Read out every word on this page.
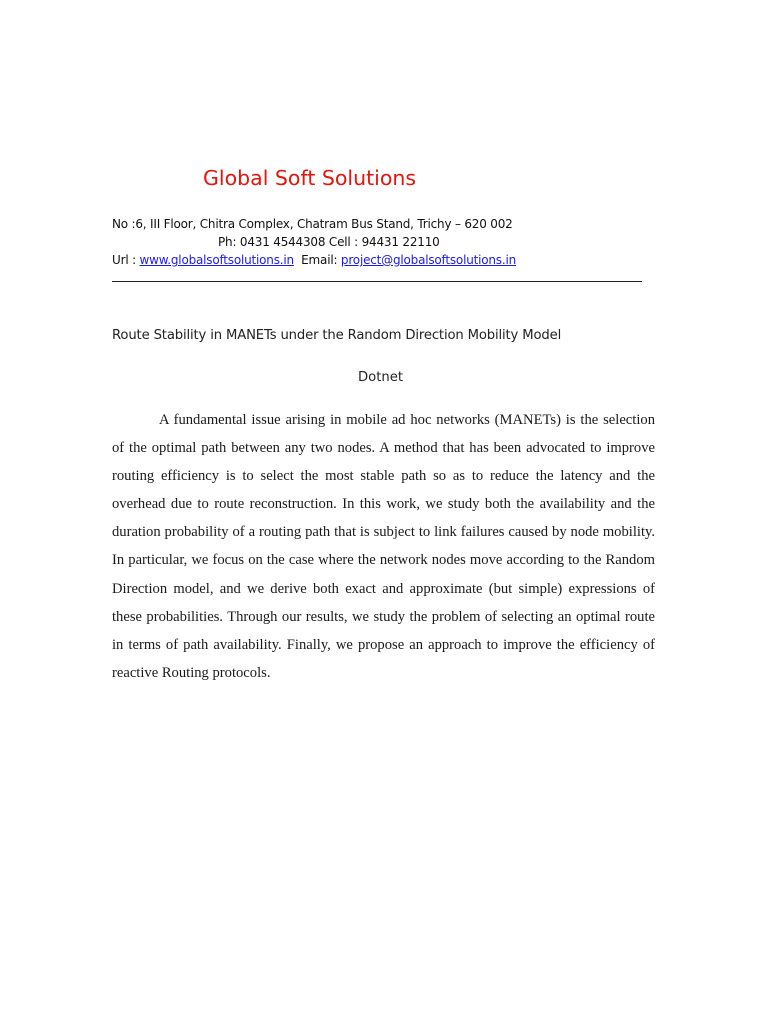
Global Soft Solutions
No :6, III Floor, Chitra Complex, Chatram Bus Stand, Trichy – 620 002
Ph: 0431 4544308 Cell : 94431 22110
Url : www.globalsoftsolutions.in  Email: project@globalsoftsolutions.in
Route Stability in MANETs under the Random Direction Mobility Model
Dotnet

A fundamental issue arising in mobile ad hoc networks (MANETs) is the selection of the optimal path between any two nodes. A method that has been advocated to improve routing efficiency is to select the most stable path so as to reduce the latency and the overhead due to route reconstruction. In this work, we study both the availability and the duration probability of a routing path that is subject to link failures caused by node mobility. In particular, we focus on the case where the network nodes move according to the Random Direction model, and we derive both exact and approximate (but simple) expressions of these probabilities. Through our results, we study the problem of selecting an optimal route in terms of path availability. Finally, we propose an approach to improve the efficiency of reactive Routing protocols.
